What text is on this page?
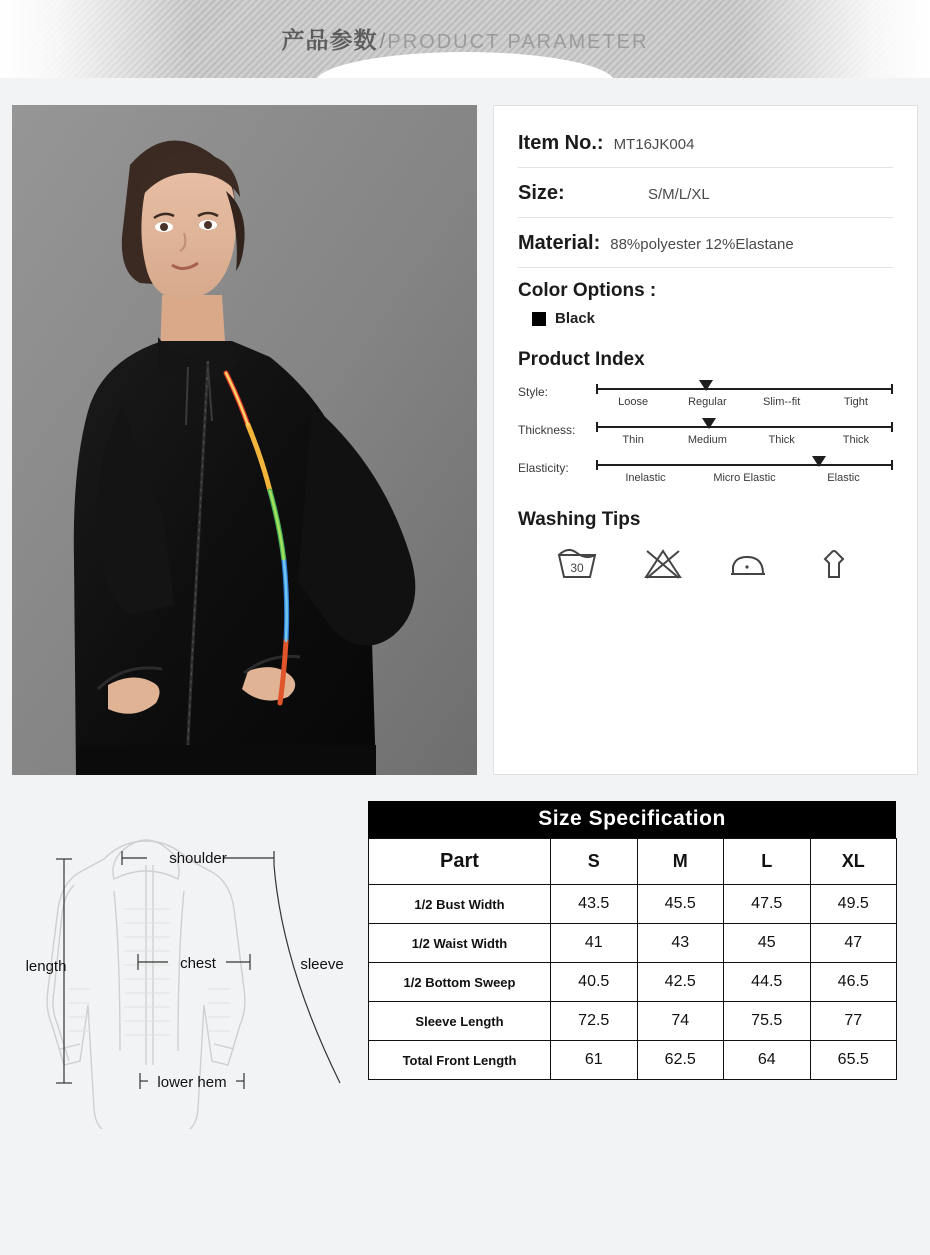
产品参数/ PRODUCT PARAMETER
Item No.: MT16JK004
Size:	S/M/L/XL
Material: 88%polyester 12%Elastane
Color Options :
Black
Product Index
Style:
Loose	Regular	Slim--fit	Tight
Thickness:
Thin	Medium	Thick	Thick
Elasticity:
Inelastic	Micro Elastic	Elastic
Washing Tips
30
shoulder
chest	sleeve
length
lower hem
Size Specification
Part	S	M	L	XL
1/2 Bust Width	43.5	45.5	47.5	49.5
1/2 Waist Width	41	43	45	47
1/2 Bottom Sweep	40.5	42.5	44.5	46.5
Sleeve Length	72.5	74	75.5	77
Total Front Length	61	62.5	64	65.5
